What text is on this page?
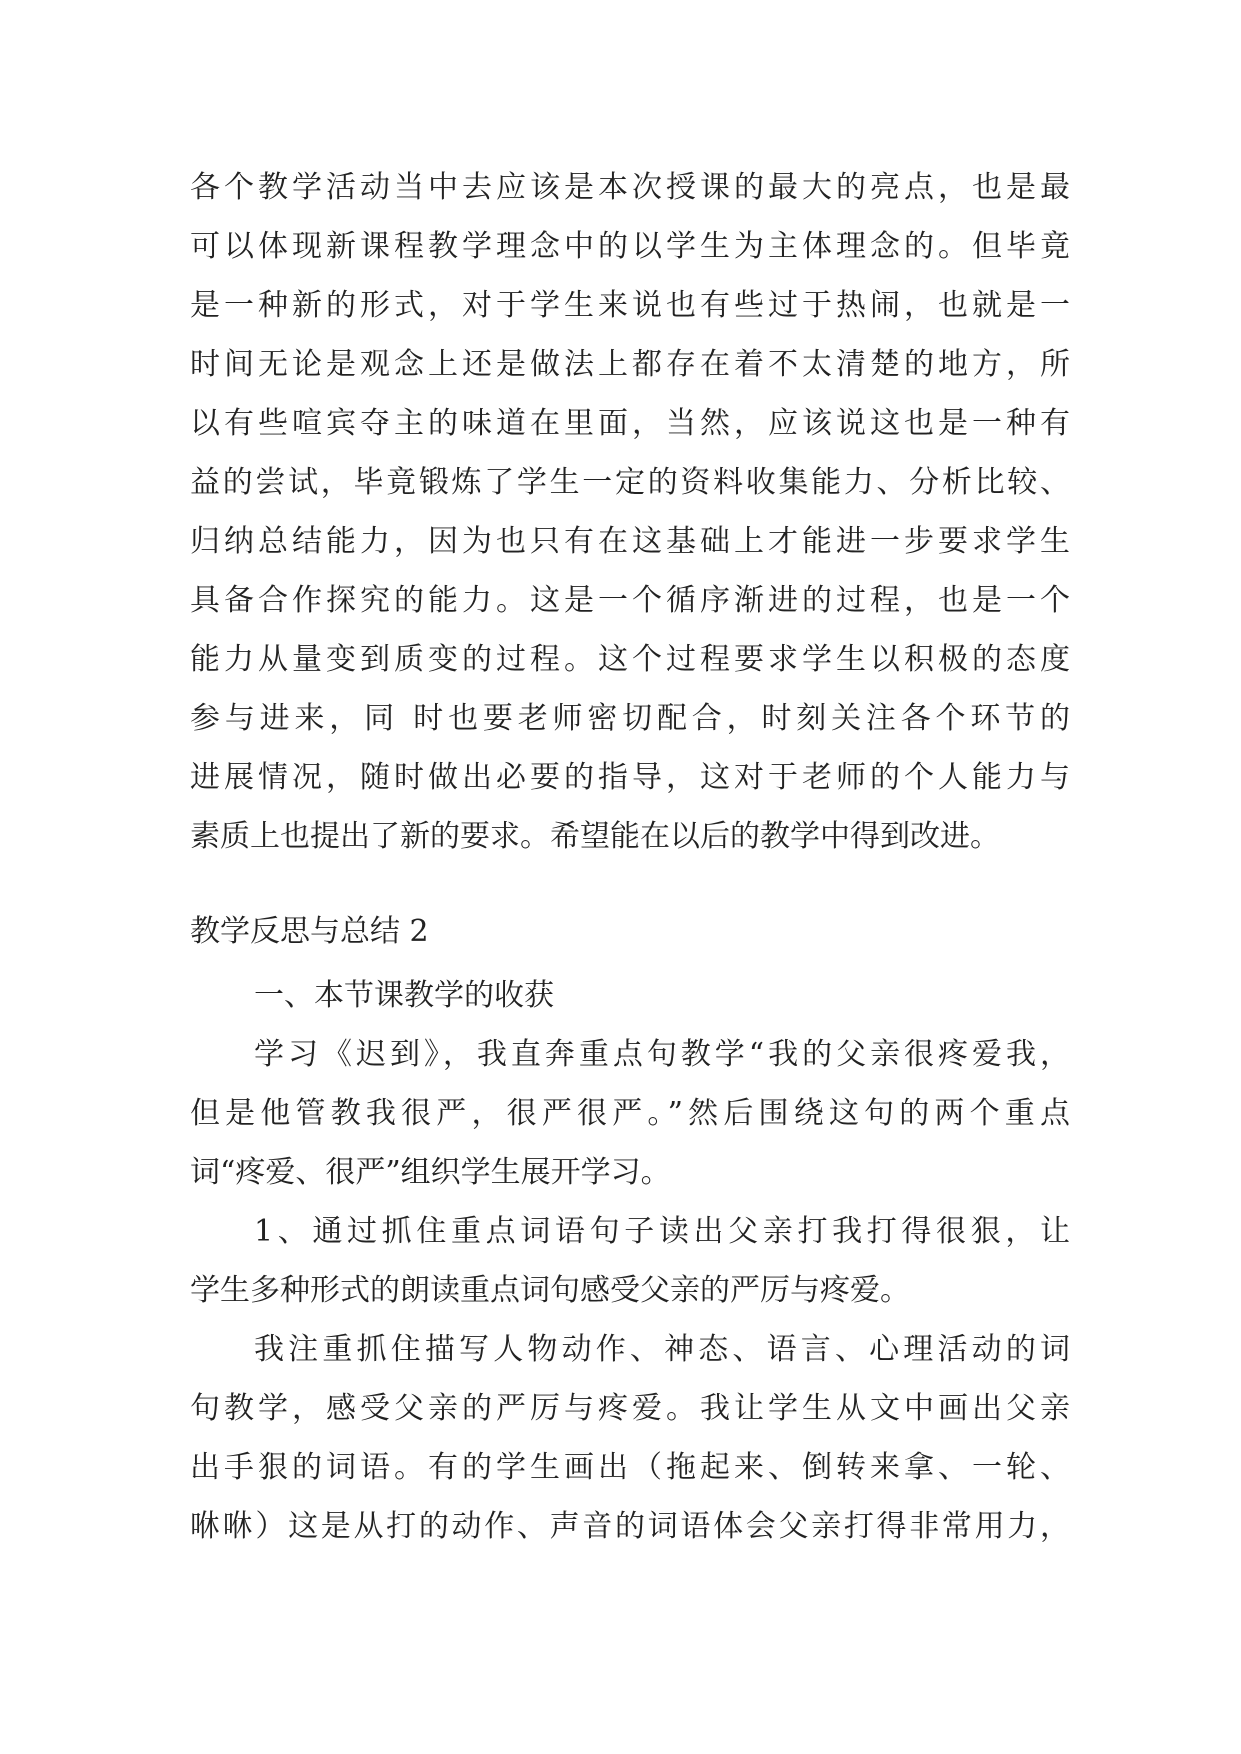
各个教学活动当中去应该是本次授课的最大的亮点，也是最
可以体现新课程教学理念中的以学生为主体理念的。但毕竟
是一种新的形式，对于学生来说也有些过于热闹，也就是一
时间无论是观念上还是做法上都存在着不太清楚的地方，所
以有些喧宾夺主的味道在里面，当然，应该说这也是一种有
益的尝试，毕竟锻炼了学生一定的资料收集能力、分析比较、
归纳总结能力，因为也只有在这基础上才能进一步要求学生
具备合作探究的能力。这是一个循序渐进的过程，也是一个
能力从量变到质变的过程。这个过程要求学生以积极的态度
参与进来，同 时也要老师密切配合，时刻关注各个环节的
进展情况，随时做出必要的指导，这对于老师的个人能力与
素质上也提出了新的要求。希望能在以后的教学中得到改进。
教学反思与总结 2
一、本节课教学的收获
学习《迟到》，我直奔重点句教学“我的父亲很疼爱我，
但是他管教我很严，很严很严。”然后围绕这句的两个重点
词“疼爱、很严”组织学生展开学习。
1、通过抓住重点词语句子读出父亲打我打得很狠，让
学生多种形式的朗读重点词句感受父亲的严厉与疼爱。
我注重抓住描写人物动作、神态、语言、心理活动的词
句教学，感受父亲的严厉与疼爱。我让学生从文中画出父亲
出手狠的词语。有的学生画出（拖起来、倒转来拿、一轮、
咻咻）这是从打的动作、声音的词语体会父亲打得非常用力，
